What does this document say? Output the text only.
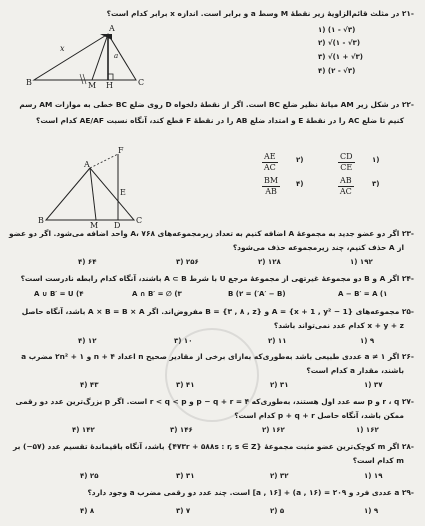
-۲۱ در مثلث قائم‌الزاویهٔ زیر نقطهٔ M وسط a و برابر است. اندازه x برابر کدام است؟
(۳√ - ۱) (۱
(۳√ - ۱)√ (۲
(۳√ + ۱)√ (۳
(۳√ - ۲) (۴
A
B	C
M H
x
a
-۲۲ در شکل زیر AM میانهٔ نظیر ضلع BC است. اگر از نقطهٔ دلخواه D روی ضلع BC خطی به موازات AM رسم
کنیم تا ضلع AC را در نقطهٔ E و امتداد ضلع AB را در نقطهٔ F قطع کند، آنگاه نسبت AE/AF کدام است؟
$\frac{CD}{CE}$ ۱)
$\frac{AB}{AC}$	۳)
$\frac{AE}{AC}$	۲)
$\frac{BM}{AB}$ ۴)
A
F
E
B
M D
C
-۲۳ اگر دو عضو جدید به مجموعهٔ A اضافه کنیم به تعداد زیرمجموعه‌های A، ۷۶۸ واحد اضافه می‌شود. اگر دو عضو
از A حذف کنیم، چند زیرمجموعه حذف می‌شود؟
۱۹۲ (۱
۱۲۸ (۲
۲۵۶ (۳
۶۴ (۴
-۲۴ اگر A و B دو مجموعهٔ غیرتهی از مجموعهٔ مرجع U با شرط A ⊂ B باشند، آنگاه کدام رابطه نادرست است؟
A − B′ = A (۱
(A′ − B′) = B (۲
A ∩ B′ = ∅ (۳
A ∪ B′ = U (۴
-۲۵ مجموعه‌های A = {x + 1 , y² − 1} و B = {۳ , ۸ , z} مفروض‌اند. اگر A × B = B × A باشد، آنگاه حاصل
x + y + z کدام عدد نمی‌تواند باشد؟
۹ (۱
۱۱ (۲
۱۰ (۳
۱۲ (۴
-۲۶ اگر a ≠ ۱ عددی طبیعی باشد به‌طوری‌که به‌ازای برخی از مقادیر صحیح n اعداد n + ۴ و ۲n² + ۱ مضرب a
باشند، مقدار a کدام است؟
۳۷ (۱
۳۱ (۲
۴۱ (۳
۴۳ (۴
-۲۷ r ، q و p سه عدد اول هستند، به‌طوری‌که p − q + r = ۴ و r < q < p است. اگر p بزرگ‌ترین عدد دو رقمی
ممکن باشد، آنگاه حاصل p + q + r کدام است؟
۱۶۲ (۱
۱۶۲ (۲
۱۴۶ (۳
۱۴۲ (۴
-۲۸ اگر m کوچک‌ترین عضو مثبت مجموعهٔ {۴۷۳r + ۵۸۸s : r, s ∈ Z} باشد، آنگاه باقیماندهٔ تقسیم عدد (۵۷−) بر
m کدام است؟
۱۹ (۱
۳۲ (۲
۳۱ (۳
۲۵ (۴
-۲۹ a عددی فرد و ۲۰۹ = (a , ۱۶) + [a , ۱۶] است. چند عدد دو رقمی مضرب a وجود دارد؟
۹ (۱
۵ (۲
۷ (۳
۸ (۴
